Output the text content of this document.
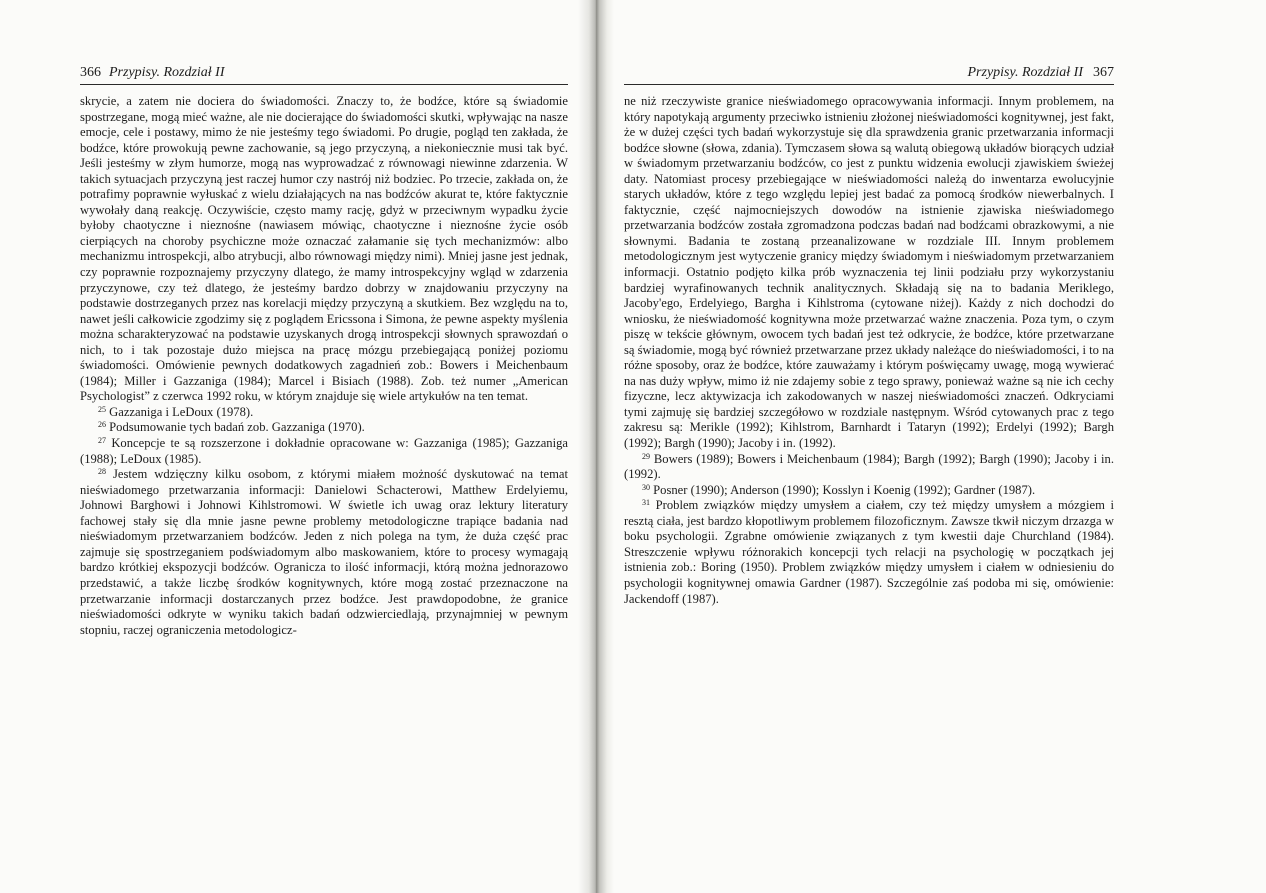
366 Przypisy. Rozdział II

skrycie, a zatem nie dociera do świadomości. Znaczy to, że bodźce, które są świadomie spostrzegane, mogą mieć ważne, ale nie docierające do świadomości skutki, wpływając na nasze emocje, cele i postawy, mimo że nie jesteśmy tego świadomi. Po drugie, pogląd ten zakłada, że bodźce, które prowokują pewne zachowanie, są jego przyczyną, a niekoniecznie musi tak być. Jeśli jesteśmy w złym humorze, mogą nas wyprowadzać z równowagi niewinne zdarzenia. W takich sytuacjach przyczyną jest raczej humor czy nastrój niż bodziec. Po trzecie, zakłada on, że potrafimy poprawnie wyłuskać z wielu działających na nas bodźców akurat te, które faktycznie wywołały daną reakcję. Oczywiście, często mamy rację, gdyż w przeciwnym wypadku życie byłoby chaotyczne i nieznośne (nawiasem mówiąc, chaotyczne i nieznośne życie osób cierpiących na choroby psychiczne może oznaczać załamanie się tych mechanizmów: albo mechanizmu introspekcji, albo atrybucji, albo równowagi między nimi). Mniej jasne jest jednak, czy poprawnie rozpoznajemy przyczyny dlatego, że mamy introspekcyjny wgląd w zdarzenia przyczynowe, czy też dlatego, że jesteśmy bardzo dobrzy w znajdowaniu przyczyny na podstawie dostrzeganych przez nas korelacji między przyczyną a skutkiem. Bez względu na to, nawet jeśli całkowicie zgodzimy się z poglądem Ericssona i Simona, że pewne aspekty myślenia można scharakteryzować na podstawie uzyskanych drogą introspekcji słownych sprawozdań o nich, to i tak pozostaje dużo miejsca na pracę mózgu przebiegającą poniżej poziomu świadomości. Omówienie pewnych dodatkowych zagadnień zob.: Bowers i Meichenbaum (1984); Miller i Gazzaniga (1984); Marcel i Bisiach (1988). Zob. też numer „American Psychologist” z czerwca 1992 roku, w którym znajduje się wiele artykułów na ten temat.

$^{25}$ Gazzaniga i LeDoux (1978).

$^{26}$ Podsumowanie tych badań zob. Gazzaniga (1970).

$^{27}$ Koncepcje te są rozszerzone i dokładnie opracowane w: Gazzaniga (1985); Gazzaniga (1988); LeDoux (1985).

$^{28}$ Jestem wdzięczny kilku osobom, z którymi miałem możność dyskutować na temat nieświadomego przetwarzania informacji: Danielowi Schacterowi, Matthew Erdelyiemu, Johnowi Barghowi i Johnowi Kihlstromowi. W świetle ich uwag oraz lektury literatury fachowej stały się dla mnie jasne pewne problemy metodologiczne trapiące badania nad nieświadomym przetwarzaniem bodźców. Jeden z nich polega na tym, że duża część prac zajmuje się spostrzeganiem podświadomym albo maskowaniem, które to procesy wymagają bardzo krótkiej ekspozycji bodźców. Ogranicza to ilość informacji, którą można jednorazowo przedstawić, a także liczbę środków kognitywnych, które mogą zostać przeznaczone na przetwarzanie informacji dostarczanych przez bodźce. Jest prawdopodobne, że granice nieświadomości odkryte w wyniku takich badań odzwierciedlają, przynajmniej w pewnym stopniu, raczej ograniczenia metodologicz-

Przypisy. Rozdział II 367

ne niż rzeczywiste granice nieświadomego opracowywania informacji. Innym problemem, na który napotykają argumenty przeciwko istnieniu złożonej nieświadomości kognitywnej, jest fakt, że w dużej części tych badań wykorzystuje się dla sprawdzenia granic przetwarzania informacji bodźce słowne (słowa, zdania). Tymczasem słowa są walutą obiegową układów biorących udział w świadomym przetwarzaniu bodźców, co jest z punktu widzenia ewolucji zjawiskiem świeżej daty. Natomiast procesy przebiegające w nieświadomości należą do inwentarza ewolucyjnie starych układów, które z tego względu lepiej jest badać za pomocą środków niewerbalnych. I faktycznie, część najmocniejszych dowodów na istnienie zjawiska nieświadomego przetwarzania bodźców została zgromadzona podczas badań nad bodźcami obrazkowymi, a nie słownymi. Badania te zostaną przeanalizowane w rozdziale III. Innym problemem metodologicznym jest wytyczenie granicy między świadomym i nieświadomym przetwarzaniem informacji. Ostatnio podjęto kilka prób wyznaczenia tej linii podziału przy wykorzystaniu bardziej wyrafinowanych technik analitycznych. Składają się na to badania Meriklego, Jacoby'ego, Erdelyiego, Bargha i Kihlstroma (cytowane niżej). Każdy z nich dochodzi do wniosku, że nieświadomość kognitywna może przetwarzać ważne znaczenia. Poza tym, o czym piszę w tekście głównym, owocem tych badań jest też odkrycie, że bodźce, które przetwarzane są świadomie, mogą być również przetwarzane przez układy należące do nieświadomości, i to na różne sposoby, oraz że bodźce, które zauważamy i którym poświęcamy uwagę, mogą wywierać na nas duży wpływ, mimo iż nie zdajemy sobie z tego sprawy, ponieważ ważne są nie ich cechy fizyczne, lecz aktywizacja ich zakodowanych w naszej nieświadomości znaczeń. Odkryciami tymi zajmuję się bardziej szczegółowo w rozdziale następnym. Wśród cytowanych prac z tego zakresu są: Merikle (1992); Kihlstrom, Barnhardt i Tataryn (1992); Erdelyi (1992); Bargh (1992); Bargh (1990); Jacoby i in. (1992).

$^{29}$ Bowers (1989); Bowers i Meichenbaum (1984); Bargh (1992); Bargh (1990); Jacoby i in. (1992).

$^{30}$ Posner (1990); Anderson (1990); Kosslyn i Koenig (1992); Gardner (1987).

$^{31}$ Problem związków między umysłem a ciałem, czy też między umysłem a mózgiem i resztą ciała, jest bardzo kłopotliwym problemem filozoficznym. Zawsze tkwił niczym drzazga w boku psychologii. Zgrabne omówienie związanych z tym kwestii daje Churchland (1984). Streszczenie wpływu różnorakich koncepcji tych relacji na psychologię w początkach jej istnienia zob.: Boring (1950). Problem związków między umysłem i ciałem w odniesieniu do psychologii kognitywnej omawia Gardner (1987). Szczególnie zaś podoba mi się, omówienie: Jackendoff (1987).
